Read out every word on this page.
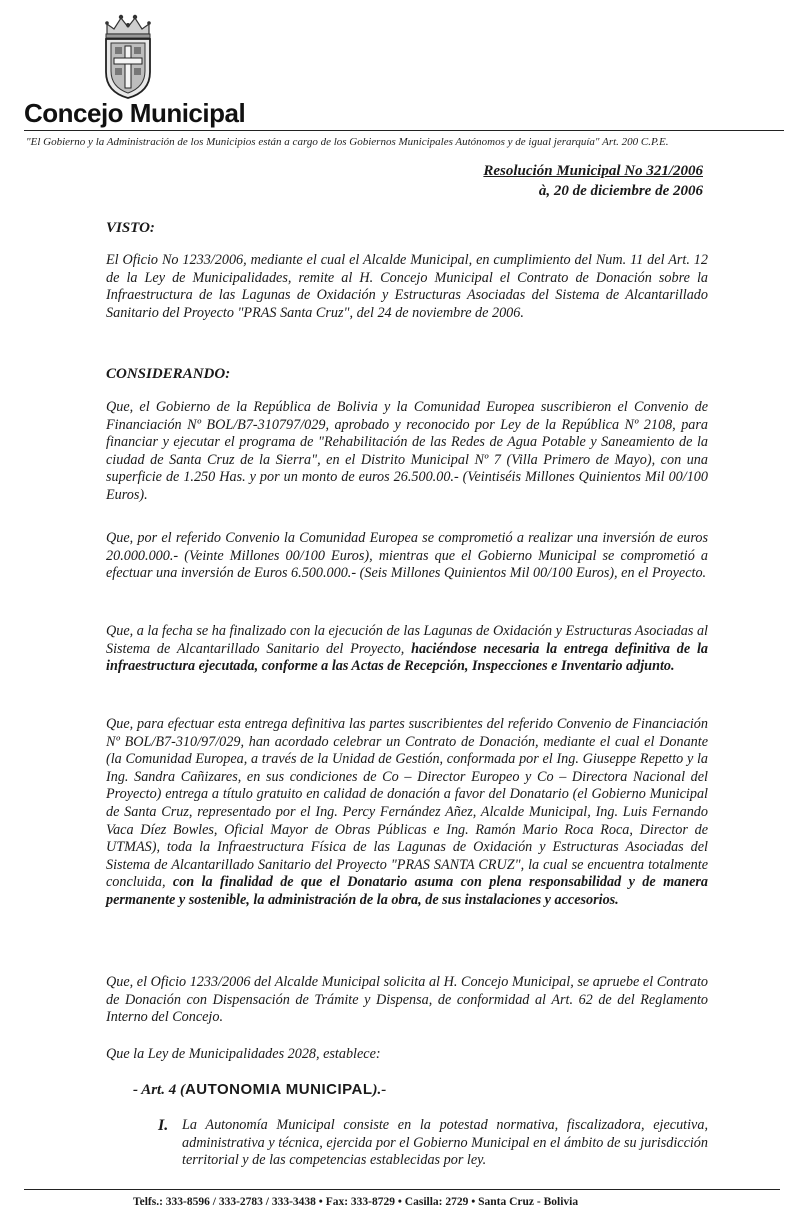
Concejo Municipal
"El Gobierno y la Administración de los Municipios están a cargo de los Gobiernos Municipales Autónomos y de igual jerarquía" Art. 200 C.P.E.
Resolución Municipal No 321/2006
à, 20 de diciembre de 2006
VISTO:
El Oficio No 1233/2006, mediante el cual el Alcalde Municipal, en cumplimiento del Num. 11 del Art. 12 de la Ley de Municipalidades, remite al H. Concejo Municipal el Contrato de Donación sobre la Infraestructura de las Lagunas de Oxidación y Estructuras Asociadas del Sistema de Alcantarillado Sanitario del Proyecto "PRAS Santa Cruz", del 24 de noviembre de 2006.
CONSIDERANDO:
Que, el Gobierno de la República de Bolivia y la Comunidad Europea suscribieron el Convenio de Financiación Nº BOL/B7-310797/029, aprobado y reconocido por Ley de la República Nº 2108, para financiar y ejecutar el programa de "Rehabilitación de las Redes de Agua Potable y Saneamiento de la ciudad de Santa Cruz de la Sierra", en el Distrito Municipal Nº 7 (Villa Primero de Mayo), con una superficie de 1.250 Has. y por un monto de euros 26.500.00.- (Veintiséis Millones Quinientos Mil 00/100 Euros).
Que, por el referido Convenio la Comunidad Europea se comprometió a realizar una inversión de euros 20.000.000.- (Veinte Millones 00/100 Euros), mientras que el Gobierno Municipal se comprometió a efectuar una inversión de Euros 6.500.000.- (Seis Millones Quinientos Mil 00/100 Euros), en el Proyecto.
Que, a la fecha se ha finalizado con la ejecución de las Lagunas de Oxidación y Estructuras Asociadas al Sistema de Alcantarillado Sanitario del Proyecto, haciéndose necesaria la entrega definitiva de la infraestructura ejecutada, conforme a las Actas de Recepción, Inspecciones e Inventario adjunto.
Que, para efectuar esta entrega definitiva las partes suscribientes del referido Convenio de Financiación Nº BOL/B7-310/97/029, han acordado celebrar un Contrato de Donación, mediante el cual el Donante (la Comunidad Europea, a través de la Unidad de Gestión, conformada por el Ing. Giuseppe Repetto y la Ing. Sandra Cañizares, en sus condiciones de Co – Director Europeo y Co – Directora Nacional del Proyecto) entrega a título gratuito en calidad de donación a favor del Donatario (el Gobierno Municipal de Santa Cruz, representado por el Ing. Percy Fernández Añez, Alcalde Municipal, Ing. Luis Fernando Vaca Díez Bowles, Oficial Mayor de Obras Públicas e Ing. Ramón Mario Roca Roca, Director de UTMAS), toda la Infraestructura Física de las Lagunas de Oxidación y Estructuras Asociadas del Sistema de Alcantarillado Sanitario del Proyecto "PRAS SANTA CRUZ", la cual se encuentra totalmente concluida, con la finalidad de que el Donatario asuma con plena responsabilidad y de manera permanente y sostenible, la administración de la obra, de sus instalaciones y accesorios.
Que, el Oficio 1233/2006 del Alcalde Municipal solicita al H. Concejo Municipal, se apruebe el Contrato de Donación con Dispensación de Trámite y Dispensa, de conformidad al Art. 62 de del Reglamento Interno del Concejo.
Que la Ley de Municipalidades 2028, establece:
- Art. 4 (AUTONOMIA MUNICIPAL).-
I. La Autonomía Municipal consiste en la potestad normativa, fiscalizadora, ejecutiva, administrativa y técnica, ejercida por el Gobierno Municipal en el ámbito de su jurisdicción territorial y de las competencias establecidas por ley.
Telfs.: 333-8596 / 333-2783 / 333-3438 • Fax: 333-8729 • Casilla: 2729 • Santa Cruz - Bolivia
